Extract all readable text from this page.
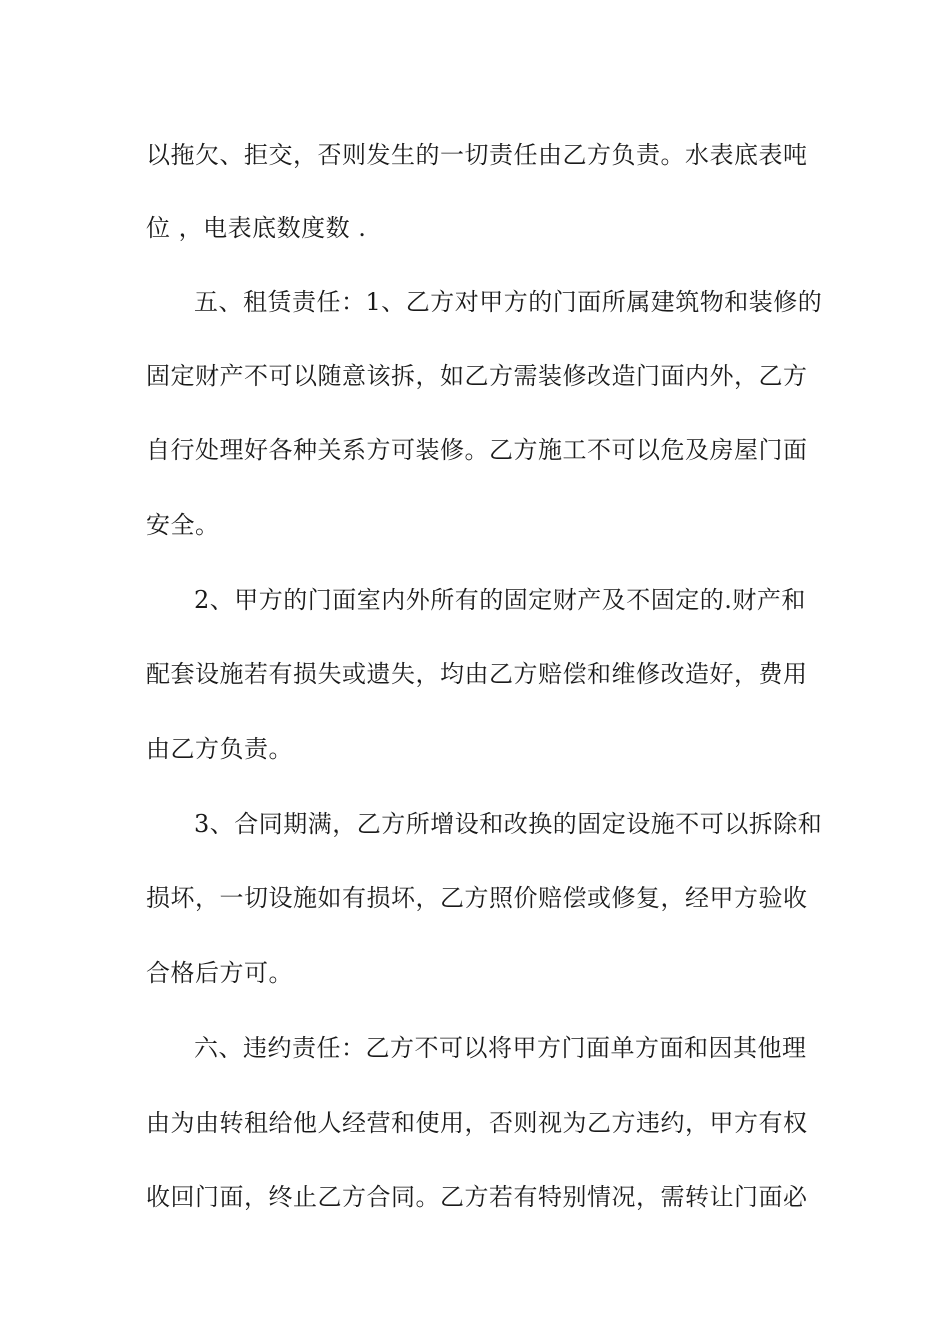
以拖欠、拒交，否则发生的一切责任由乙方负责。水表底表吨
位 ，电表底数度数 .
五、租赁责任：1、乙方对甲方的门面所属建筑物和装修的
固定财产不可以随意该拆，如乙方需装修改造门面内外，乙方
自行处理好各种关系方可装修。乙方施工不可以危及房屋门面
安全。
2、甲方的门面室内外所有的固定财产及不固定的.财产和
配套设施若有损失或遗失，均由乙方赔偿和维修改造好，费用
由乙方负责。
3、合同期满，乙方所增设和改换的固定设施不可以拆除和
损坏，一切设施如有损坏，乙方照价赔偿或修复，经甲方验收
合格后方可。
六、违约责任：乙方不可以将甲方门面单方面和因其他理
由为由转租给他人经营和使用，否则视为乙方违约，甲方有权
收回门面，终止乙方合同。乙方若有特别情况，需转让门面必
